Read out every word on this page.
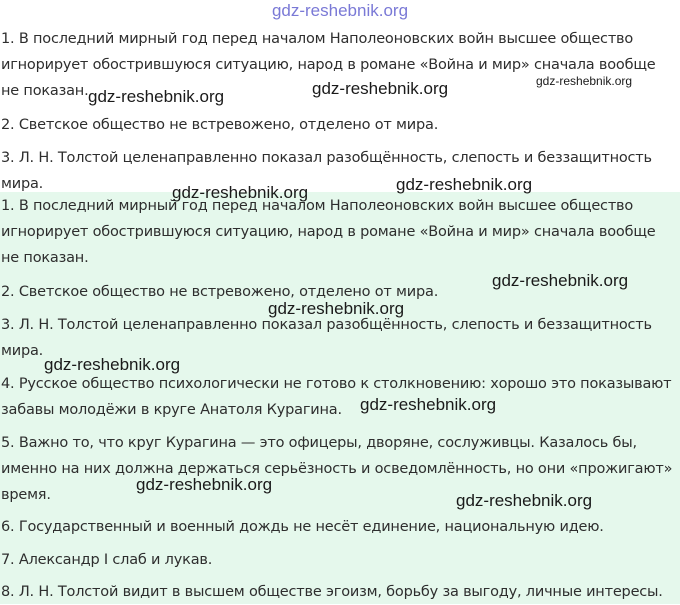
gdz-reshebnik.org

1. В последний мирный год перед началом Наполеоновских войн высшее общество игнорирует обострившуюся ситуацию, народ в романе «Война и мир» сначала вообще не показан.

2. Светское общество не встревожено, отделено от мира.

3. Л. Н. Толстой целенаправленно показал разобщённость, слепость и беззащитность мира.

1. В последний мирный год перед началом Наполеоновских войн высшее общество игнорирует обострившуюся ситуацию, народ в романе «Война и мир» сначала вообще не показан.

2. Светское общество не встревожено, отделено от мира.

3. Л. Н. Толстой целенаправленно показал разобщённость, слепость и беззащитность мира.

4. Русское общество психологически не готово к столкновению: хорошо это показывают забавы молодёжи в круге Анатоля Курагина.

5. Важно то, что круг Курагина — это офицеры, дворяне, сослуживцы. Казалось бы, именно на них должна держаться серьёзность и осведомлённость, но они «прожигают» время.

6. Государственный и военный дождь не несёт единение, национальную идею.

7. Александр I слаб и лукав.

8. Л. Н. Толстой видит в высшем обществе эгоизм, борьбу за выгоду, личные интересы.

gdz-reshebnik.org	gdz-reshebnik.org	gdz-reshebnik.org
gdz-reshebnik.org	gdz-reshebnik.org
gdz-reshebnik.org
gdz-reshebnik.org
gdz-reshebnik.org
gdz-reshebnik.org
gdz-reshebnik.org
gdz-reshebnik.org
